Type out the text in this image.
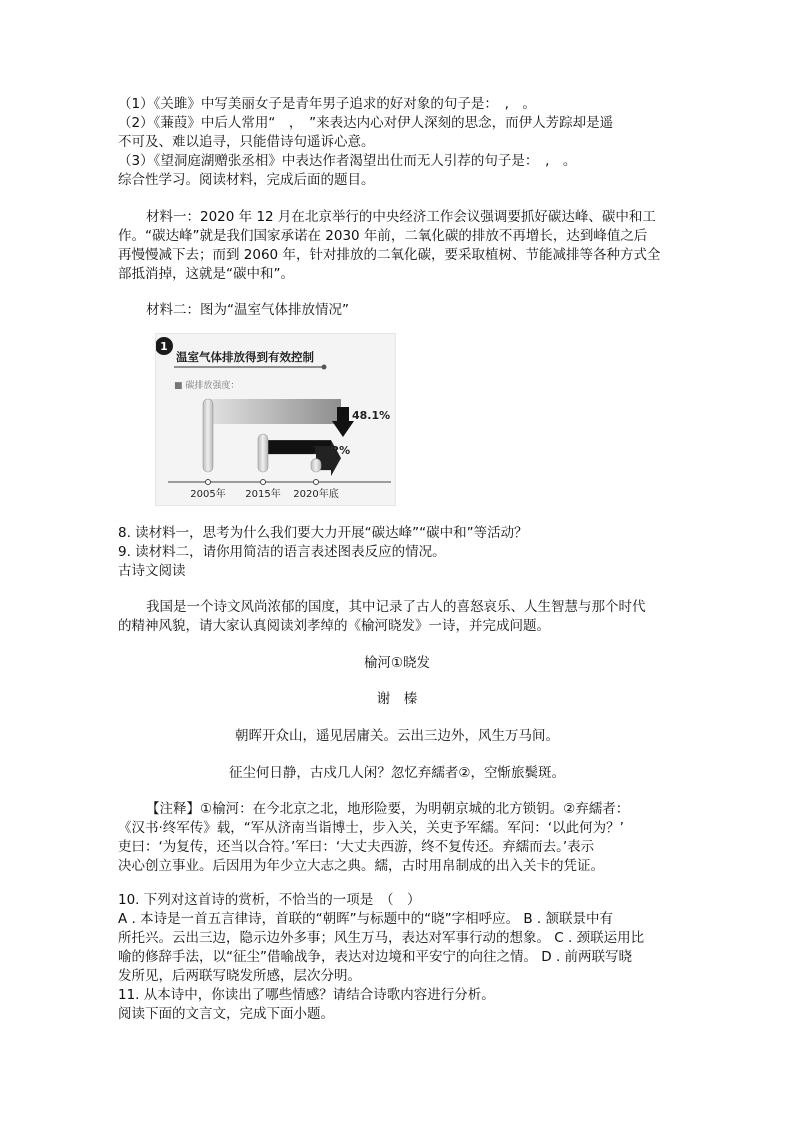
（1）《关雎》中写美丽女子是青年男子追求的好对象的句子是：　,　。
（2）《蒹葭》中后人常用“　，　”来表达内心对伊人深刻的思念，而伊人芳踪却是遥
不可及、难以追寻，只能借诗句遥诉心意。
（3）《望洞庭湖赠张丞相》中表达作者渴望出仕而无人引荐的句子是：　,　。
综合性学习。阅读材料，完成后面的题目。
材料一：2020 年 12 月在北京举行的中央经济工作会议强调要抓好碳达峰、碳中和工
作。“碳达峰”就是我们国家承诺在 2030 年前，二氧化碳的排放不再增长，达到峰值之后
再慢慢减下去；而到 2060 年，针对排放的二氧化碳，要采取植树、节能减排等各种方式全
部抵消掉，这就是“碳中和”。
材料二：图为“温室气体排放情况”
1
温室气体排放得到有效控制
■ 碳排放强度：
48.1%
18.2%
2005年 2015年 2020年底
8. 读材料一，思考为什么我们要大力开展“碳达峰”“碳中和”等活动？
9. 读材料二，请你用简洁的语言表述图表反应的情况。
古诗文阅读
我国是一个诗文风尚浓郁的国度，其中记录了古人的喜怒哀乐、人生智慧与那个时代
的精神风貌，请大家认真阅读刘孝绰的《榆河晓发》一诗，并完成问题。
榆河①晓发
谢　榛
朝晖开众山，遥见居庸关。云出三边外，风生万马间。
征尘何日静，古戍几人闲？忽忆弃繻者②，空惭旅鬓斑。
【注释】①榆河：在今北京之北，地形险要，为明朝京城的北方锁钥。②弃繻者：
《汉书·终军传》载，“军从济南当诣博士，步入关，关吏予军繻。军问：‘以此何为？’
吏曰：‘为复传，还当以合符。’军曰：‘大丈夫西游，终不复传还。弃繻而去。’表示
决心创立事业。后因用为年少立大志之典。繻，古时用帛制成的出入关卡的凭证。
10. 下列对这首诗的赏析，不恰当的一项是　（　）
A . 本诗是一首五言律诗，首联的“朝晖”与标题中的“晓”字相呼应。 B . 颔联景中有
所托兴。云出三边，隐示边外多事；风生万马，表达对军事行动的想象。 C . 颈联运用比
喻的修辞手法，以“征尘”借喻战争，表达对边境和平安宁的向往之情。 D . 前两联写晓
发所见，后两联写晓发所感，层次分明。
11. 从本诗中，你读出了哪些情感？请结合诗歌内容进行分析。
阅读下面的文言文，完成下面小题。
